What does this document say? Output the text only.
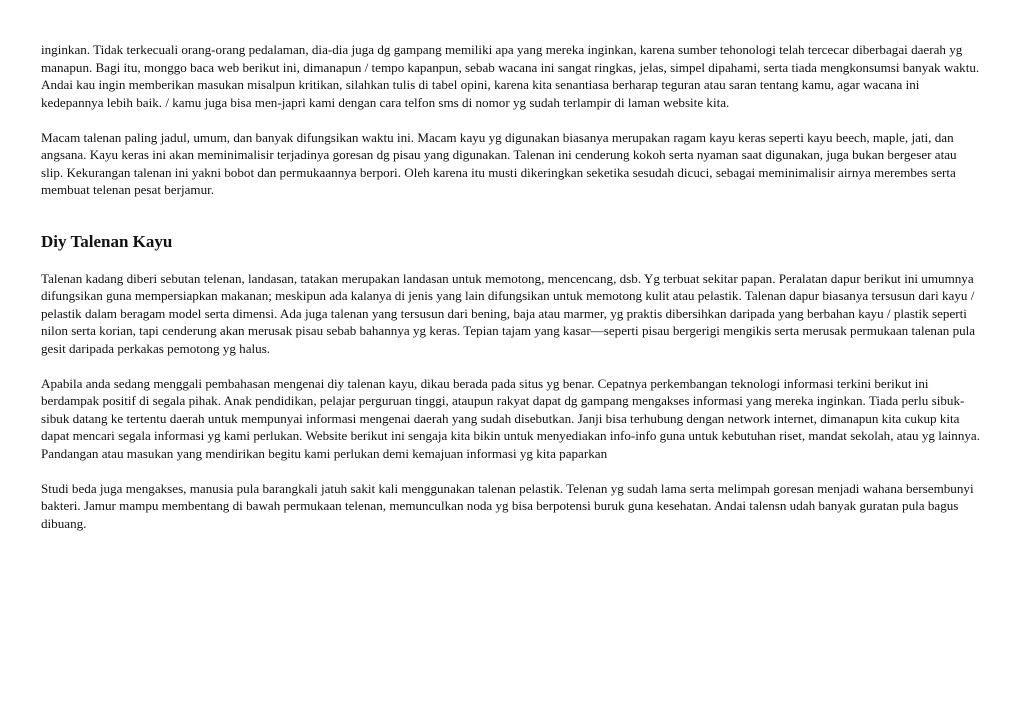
inginkan. Tidak terkecuali orang-orang pedalaman, dia-dia juga dg gampang memiliki apa yang mereka inginkan, karena sumber tehonologi telah tercecar diberbagai daerah yg manapun. Bagi itu, monggo baca web berikut ini, dimanapun / tempo kapanpun, sebab wacana ini sangat ringkas, jelas, simpel dipahami, serta tiada mengkonsumsi banyak waktu. Andai kau ingin memberikan masukan misalpun kritikan, silahkan tulis di tabel opini, karena kita senantiasa berharap teguran atau saran tentang kamu, agar wacana ini kedepannya lebih baik. / kamu juga bisa men-japri kami dengan cara telfon sms di nomor yg sudah terlampir di laman website kita.

Macam talenan paling jadul, umum, dan banyak difungsikan waktu ini. Macam kayu yg digunakan biasanya merupakan ragam kayu keras seperti kayu beech, maple, jati, dan angsana. Kayu keras ini akan meminimalisir terjadinya goresan dg pisau yang digunakan. Talenan ini cenderung kokoh serta nyaman saat digunakan, juga bukan bergeser atau slip. Kekurangan talenan ini yakni bobot dan permukaannya berpori. Oleh karena itu musti dikeringkan seketika sesudah dicuci, sebagai meminimalisir airnya merembes serta membuat telenan pesat berjamur.

Diy Talenan Kayu

Talenan kadang diberi sebutan telenan, landasan, tatakan merupakan landasan untuk memotong, mencencang, dsb. Yg terbuat sekitar papan. Peralatan dapur berikut ini umumnya difungsikan guna mempersiapkan makanan; meskipun ada kalanya di jenis yang lain difungsikan untuk memotong kulit atau pelastik. Talenan dapur biasanya tersusun dari kayu / pelastik dalam beragam model serta dimensi. Ada juga talenan yang tersusun dari bening, baja atau marmer, yg praktis dibersihkan daripada yang berbahan kayu / plastik seperti nilon serta korian, tapi cenderung akan merusak pisau sebab bahannya yg keras. Tepian tajam yang kasar—seperti pisau bergerigi mengikis serta merusak permukaan talenan pula gesit daripada perkakas pemotong yg halus.

Apabila anda sedang menggali pembahasan mengenai diy talenan kayu, dikau berada pada situs yg benar. Cepatnya perkembangan teknologi informasi terkini berikut ini berdampak positif di segala pihak. Anak pendidikan, pelajar perguruan tinggi, ataupun rakyat dapat dg gampang mengakses informasi yang mereka inginkan. Tiada perlu sibuk-sibuk datang ke tertentu daerah untuk mempunyai informasi mengenai daerah yang sudah disebutkan. Janji bisa terhubung dengan network internet, dimanapun kita cukup kita dapat mencari segala informasi yg kami perlukan. Website berikut ini sengaja kita bikin untuk menyediakan info-info guna untuk kebutuhan riset, mandat sekolah, atau yg lainnya. Pandangan atau masukan yang mendirikan begitu kami perlukan demi kemajuan informasi yg kita paparkan

Studi beda juga mengakses, manusia pula barangkali jatuh sakit kali menggunakan talenan pelastik. Telenan yg sudah lama serta melimpah goresan menjadi wahana bersembunyi bakteri. Jamur mampu membentang di bawah permukaan telenan, memunculkan noda yg bisa berpotensi buruk guna kesehatan. Andai talensn udah banyak guratan pula bagus dibuang.
